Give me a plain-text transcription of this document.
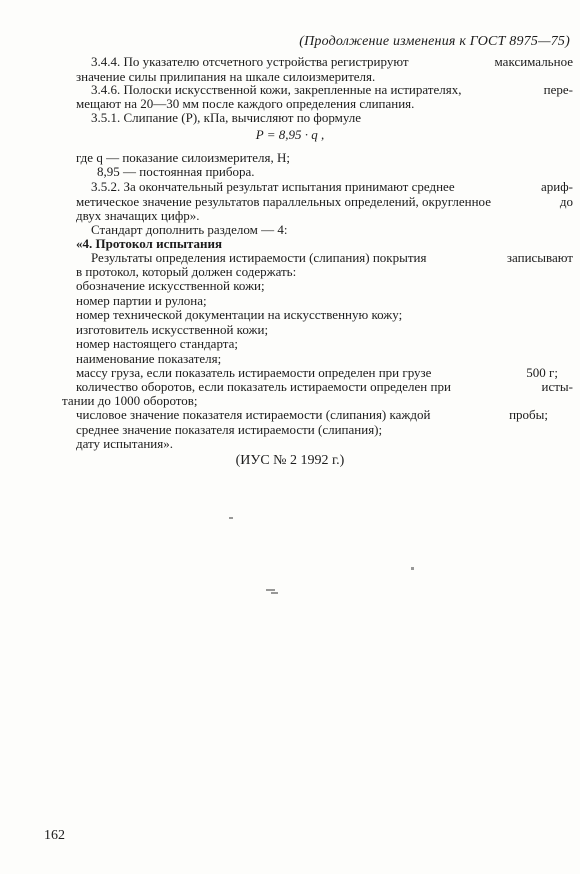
(Продолжение изменения к ГОСТ 8975—75)
3.4.4. По указателю отсчетного устройства регистрируют	максимальное
значение силы прилипания на шкале силоизмерителя.
3.4.6. Полоски искусственной кожи, закрепленные на истирателях,	пере-
мещают на 20—30 мм после каждого определения слипания.
3.5.1. Слипание (P), кПа, вычисляют по формуле
P = 8,95 · q ,
где q — показание силоизмерителя, Н;
8,95 — постоянная прибора.
3.5.2. За окончательный результат испытания принимают среднее	ариф-
метическое значение результатов параллельных определений, округленное	до
двух значащих цифр».
Стандарт дополнить разделом — 4:
«4. Протокол испытания
Результаты определения истираемости (слипания) покрытия	записывают
в протокол, который должен содержать:
обозначение искусственной кожи;
номер партии и рулона;
номер технической документации на искусственную кожу;
изготовитель искусственной кожи;
номер настоящего стандарта;
наименование показателя;
массу груза, если показатель истираемости определен при грузе	500 г;
количество оборотов, если показатель истираемости определен при	исты-
тании до 1000 оборотов;
числовое значение показателя истираемости (слипания) каждой	пробы;
среднее значение показателя истираемости (слипания);
дату испытания».
(ИУС № 2 1992 г.)
162
